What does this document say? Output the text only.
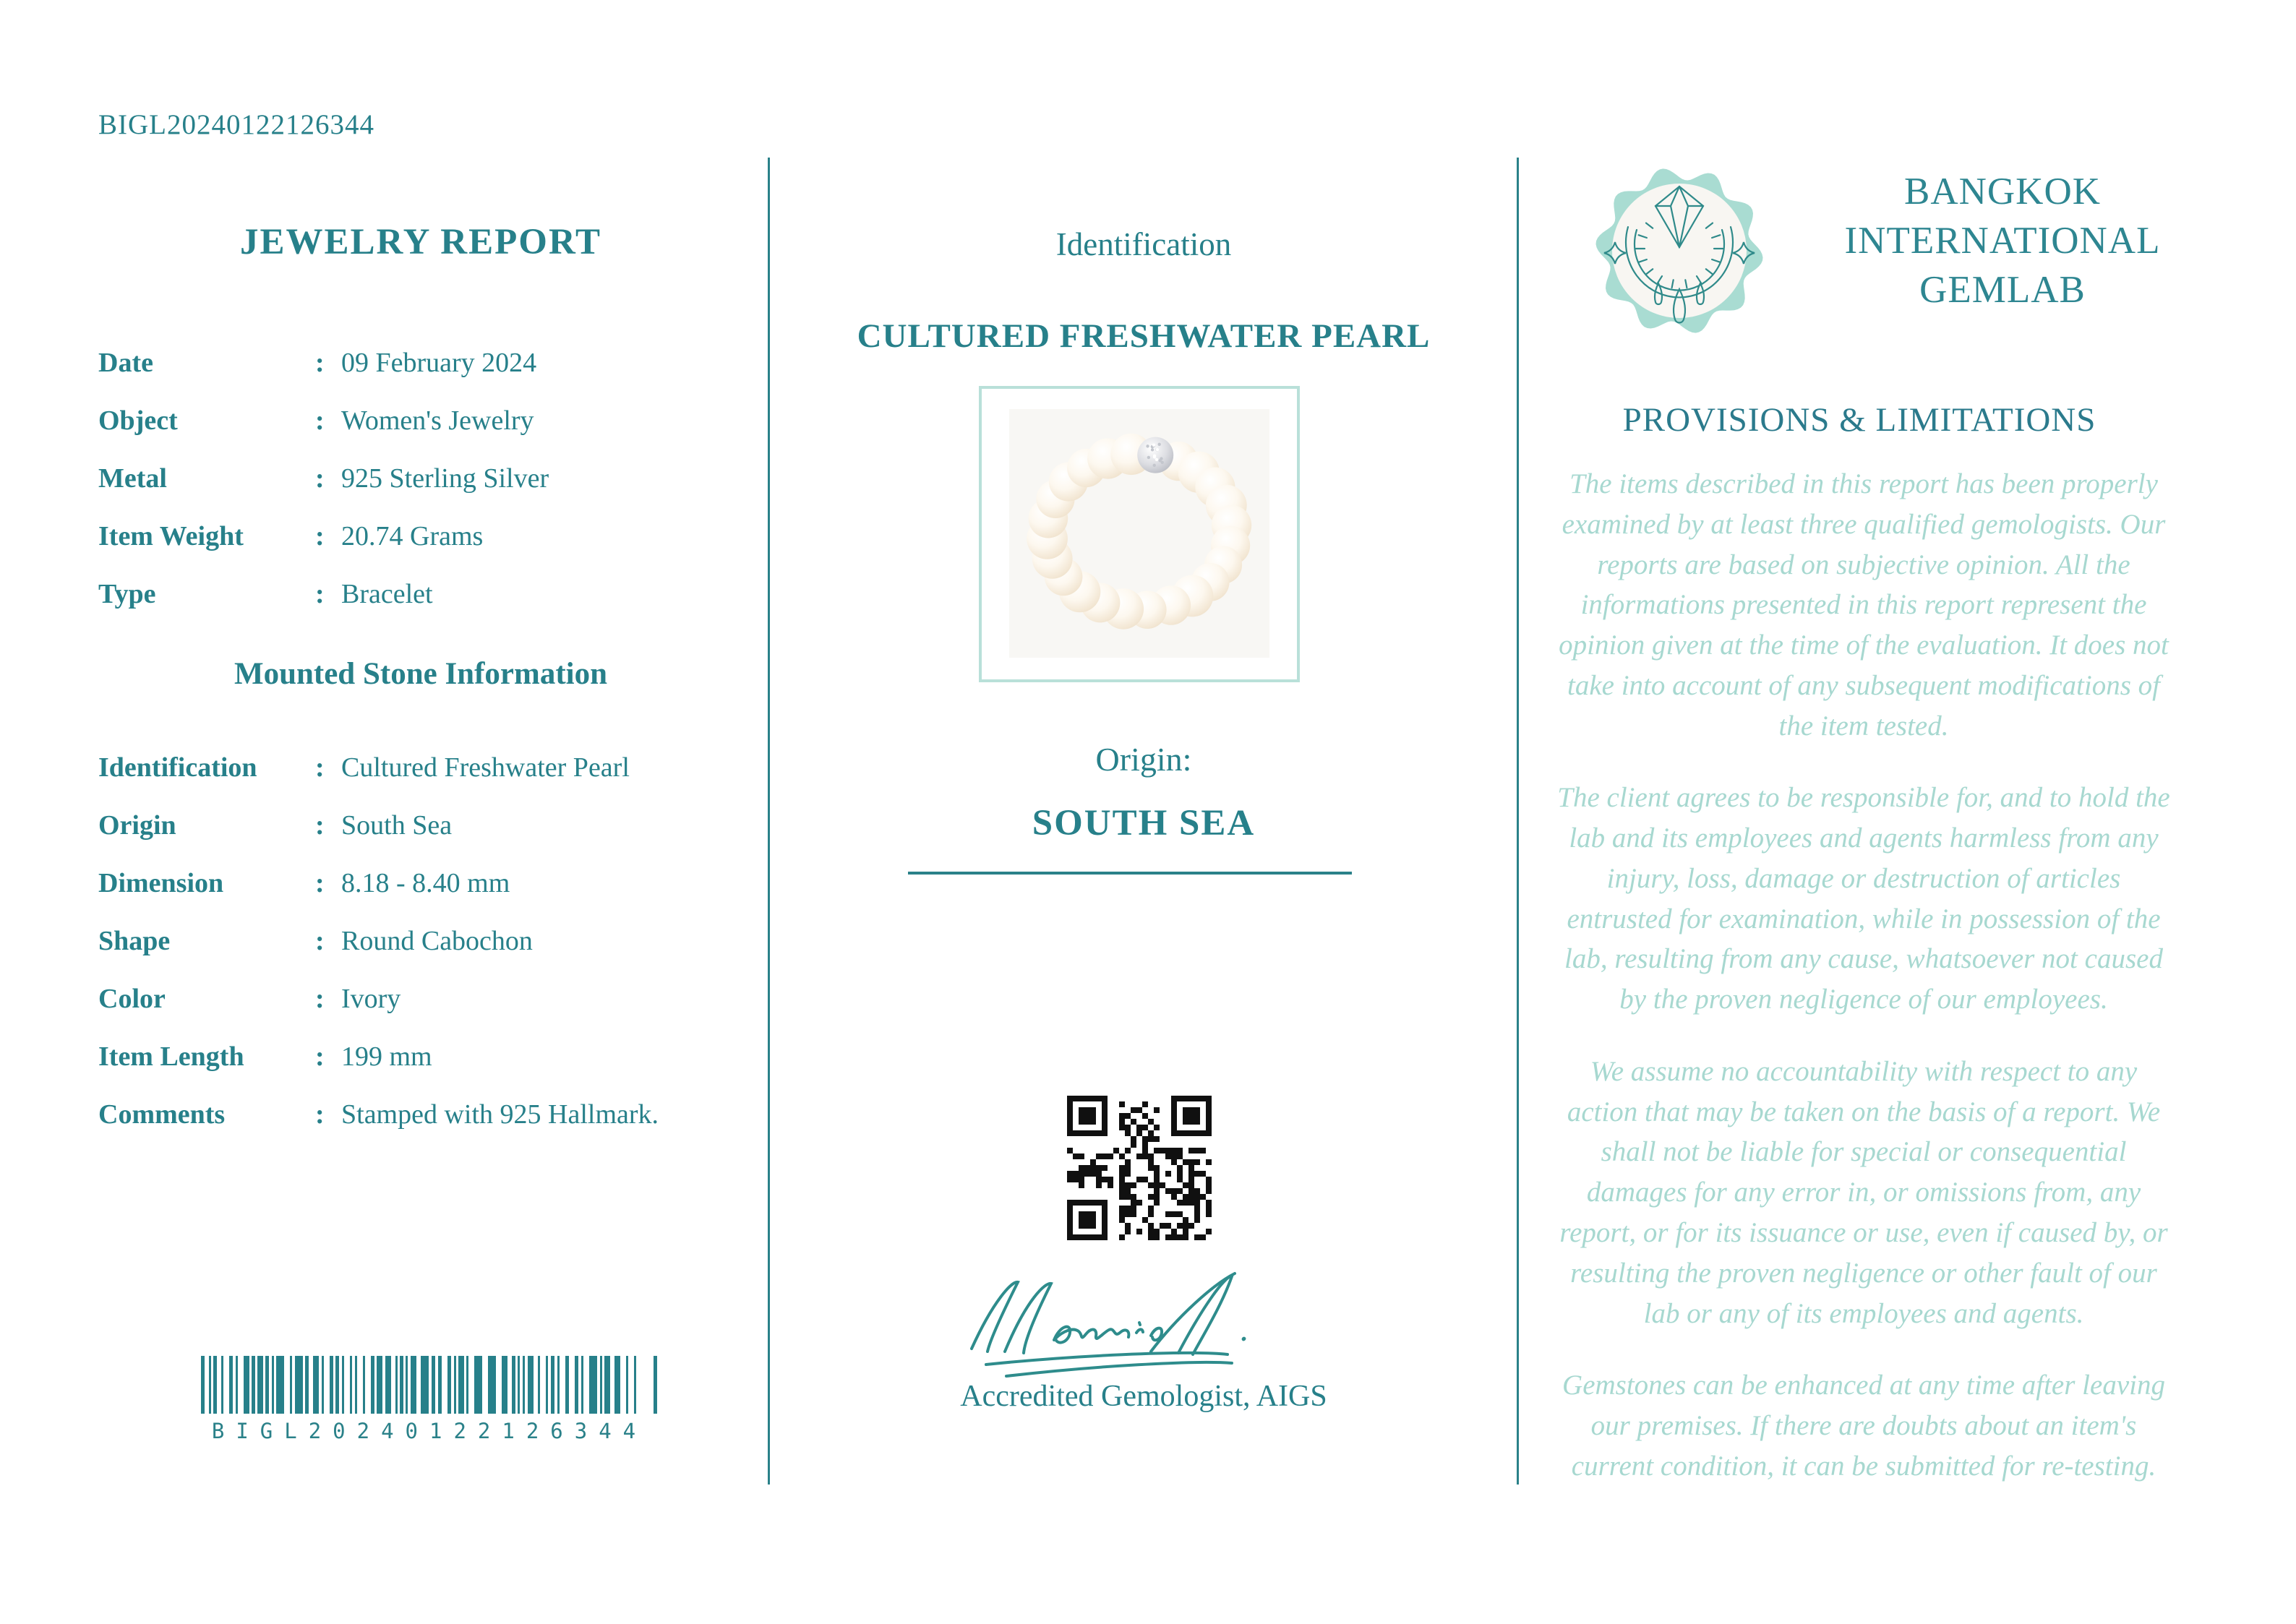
BIGL20240122126344
JEWELRY REPORT
Date	: 09 February 2024
Object	: Women's Jewelry
Metal	: 925 Sterling Silver
Item Weight	: 20.74 Grams
Type	: Bracelet
Mounted Stone Information
Identification	: Cultured Freshwater Pearl
Origin	: South Sea
Dimension	: 8.18 - 8.40 mm
Shape	: Round Cabochon
Color	: Ivory
Item Length	: 199 mm
Comments	: Stamped with 925 Hallmark.
BIGL20240122126344
Identification
CULTURED FRESHWATER PEARL
Origin:
SOUTH SEA
Accredited Gemologist, AIGS
BANGKOK
INTERNATIONAL
GEMLAB
PROVISIONS & LIMITATIONS

The items described in this report has been properly examined by at least three qualified gemologists. Our reports are based on subjective opinion. All the informations presented in this report represent the opinion given at the time of the evaluation. It does not take into account of any subsequent modifications of the item tested.

The client agrees to be responsible for, and to hold the lab and its employees and agents harmless from any injury, loss, damage or destruction of articles entrusted for examination, while in possession of the lab, resulting from any cause, whatsoever not caused by the proven negligence of our employees.

We assume no accountability with respect to any action that may be taken on the basis of a report. We shall not be liable for special or consequential damages for any error in, or omissions from, any report, or for its issuance or use, even if caused by, or resulting the proven negligence or other fault of our lab or any of its employees and agents.

Gemstones can be enhanced at any time after leaving our premises. If there are doubts about an item's current condition, it can be submitted for re-testing.
